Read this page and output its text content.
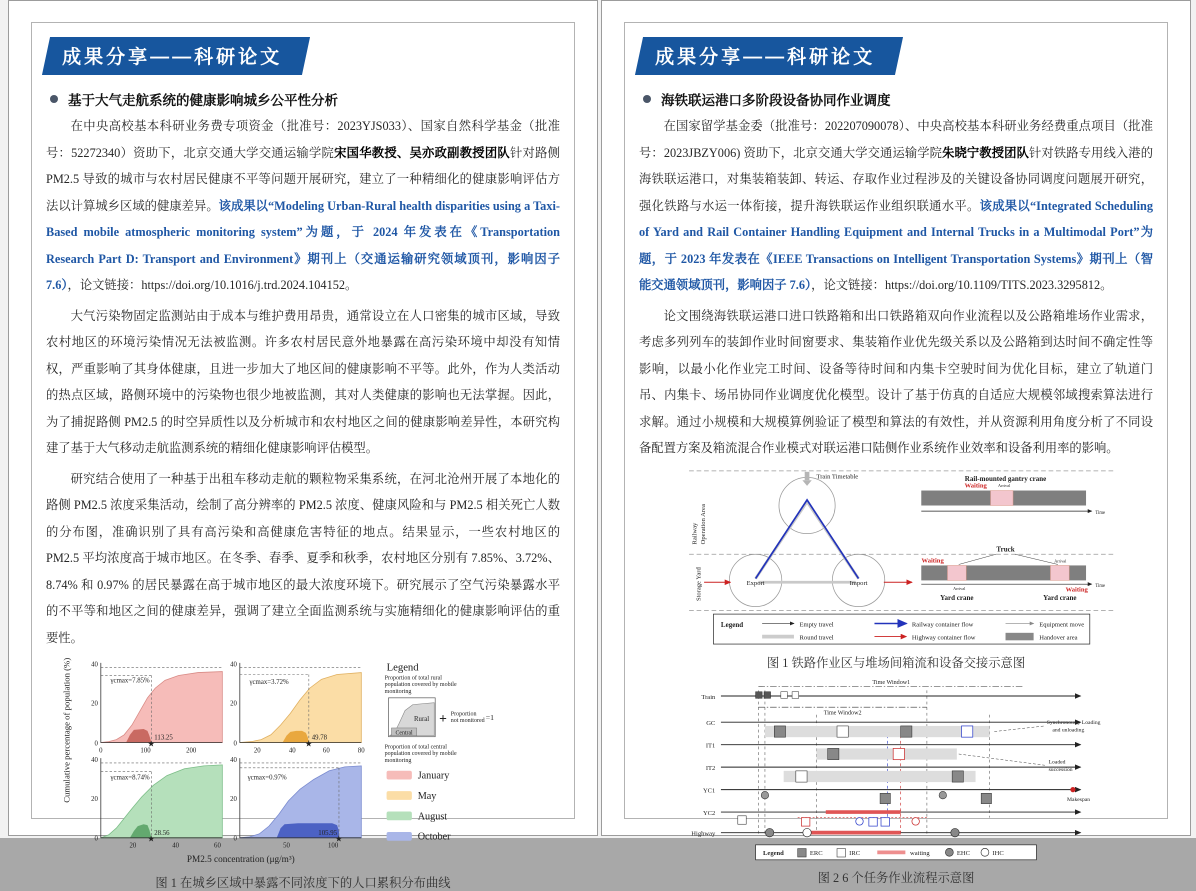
成果分享——科研论文
基于大气走航系统的健康影响城乡公平性分析

在中央高校基本科研业务费专项资金（批准号：2023YJS033）、国家自然科学基金（批准号：52272340）资助下，北京交通大学交通运输学院宋国华教授、吴亦政副教授团队针对路侧 PM2.5 导致的城市与农村居民健康不平等问题开展研究，建立了一种精细化的健康影响评估方法以计算城乡区域的健康差异。该成果以“Modeling Urban-Rural health disparities using a Taxi-Based mobile atmospheric monitoring system”为题，于 2024 年发表在《Transportation Research Part D: Transport and Environment》期刊上（交通运输研究领域顶刊，影响因子 7.6），论文链接：https://doi.org/10.1016/j.trd.2024.104152。

大气污染物固定监测站由于成本与维护费用昂贵，通常设立在人口密集的城市区域，导致农村地区的环境污染情况无法被监测。许多农村居民意外地暴露在高污染环境中却没有知情权，严重影响了其身体健康，且进一步加大了地区间的健康影响不平等。此外，作为人类活动的热点区域，路侧环境中的污染物也很少地被监测，其对人类健康的影响也无法掌握。因此，为了捕捉路侧 PM2.5 的时空异质性以及分析城市和农村地区之间的健康影响差异性，本研究构建了基于大气移动走航监测系统的精细化健康影响评估模型。

研究结合使用了一种基于出租车移动走航的颗粒物采集系统，在河北沧州开展了本地化的路侧 PM2.5 浓度采集活动，绘制了高分辨率的 PM2.5 浓度、健康风险和与 PM2.5 相关死亡人数的分布图，准确识别了具有高污染和高健康危害特征的地点。结果显示，一些农村地区的 PM2.5 平均浓度高于城市地区。在冬季、春季、夏季和秋季，农村地区分别有 7.85%、3.72%、8.74% 和 0.97% 的居民暴露在高于城市地区的最大浓度环境下。研究展示了空气污染暴露水平的不平等和地区之间的健康差异，强调了建立全面监测系统与实施精细化的健康影响评估的重要性。

Cumulative percentage of population (%)	γcmax=7.85%
113.25
★
0
20
40
0	100	200
γcmax=3.72%
49.78
★
0
20
40
20	40	60	80
γcmax=8.74%
28.56
★
0
20
40
20	40	60
γcmax=0.97%
105.95
★
0
20
40
50	100
PM2.5 concentration (μg/m³)
Legend
Proportion of total rural
population covered by mobile
monitoring
Rural
Central
+ Proportion
not monitored =1
Proportion of total central
population covered by mobile
monitoring
January
May
August
October

图 1 在城乡区域中暴露不同浓度下的人口累积分布曲线

成果分享——科研论文
海铁联运港口多阶段设备协同作业调度

在国家留学基金委（批准号：202207090078）、中央高校基本科研业务经费重点项目（批准号：2023JBZY006) 资助下，北京交通大学交通运输学院朱晓宁教授团队针对铁路专用线入港的海铁联运港口，对集装箱装卸、转运、存取作业过程涉及的关键设备协同调度问题展开研究，强化铁路与水运一体衔接，提升海铁联运作业组织联通水平。该成果以“Integrated Scheduling of Yard and Rail Container Handling Equipment and Internal Trucks in a Multimodal Port”为题，于 2023 年发表在《IEEE Transactions on Intelligent Transportation Systems》期刊上（智能交通领域顶刊，影响因子 7.6），论文链接：https://doi.org/10.1109/TITS.2023.3295812。

论文围绕海铁联运港口进口铁路箱和出口铁路箱双向作业流程以及公路箱堆场作业需求，考虑多列列车的装卸作业时间窗要求、集装箱作业优先级关系以及公路箱到达时间不确定性等影响，以最小化作业完工时间、设备等待时间和内集卡空驶时间为优化目标，建立了轨道门吊、内集卡、场吊协同作业调度优化模型。设计了基于仿真的自适应大规模邻域搜索算法进行求解。通过小规模和大规模算例验证了模型和算法的有效性，并从资源利用角度分析了不同设备配置方案及箱流混合作业模式对联运港口陆侧作业系统作业效率和设备利用率的影响。

Railway Operation Area
Storage Yard	Export	Import
Train Timetable	Rail-mounted gantry crane
Waiting Arrival
Time
Truck
Waiting
Waiting
Arrival
Arrival
Time
Yard crane	Yard crane
Legend	Empty travel	Railway container flow	Equipment move
Round travel	Highway container flow	Handover area

图 1 铁路作业区与堆场间箱流和设备交接示意图

Time Window1
Time Window2
Train
GC
IT1
IT2
YC1
YC2
Highway
Synchronously Loading
and unloading
Loaded
succession
Makespan
Legend	ERC	IRC	waiting	EHC	IHC

图 2 6 个任务作业流程示意图
